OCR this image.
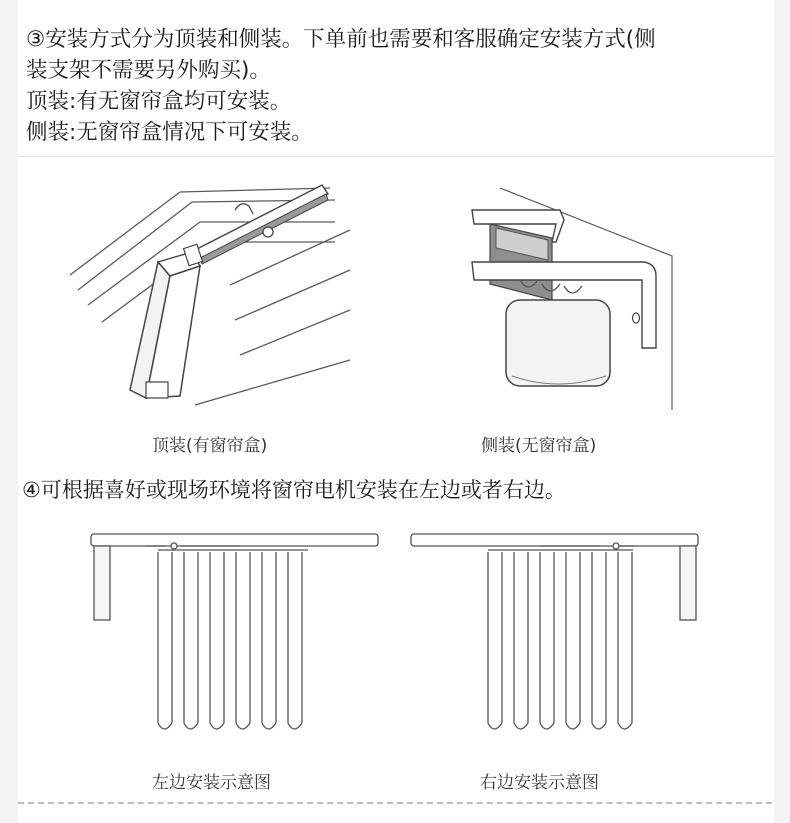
③安装方式分为顶装和侧装。下单前也需要和客服确定安装方式(侧
装支架不需要另外购买)。
顶装:有无窗帘盒均可安装。
侧装:无窗帘盒情况下可安装。
顶装(有窗帘盒)	侧装(无窗帘盒)
④可根据喜好或现场环境将窗帘电机安装在左边或者右边。
左边安装示意图	右边安装示意图
